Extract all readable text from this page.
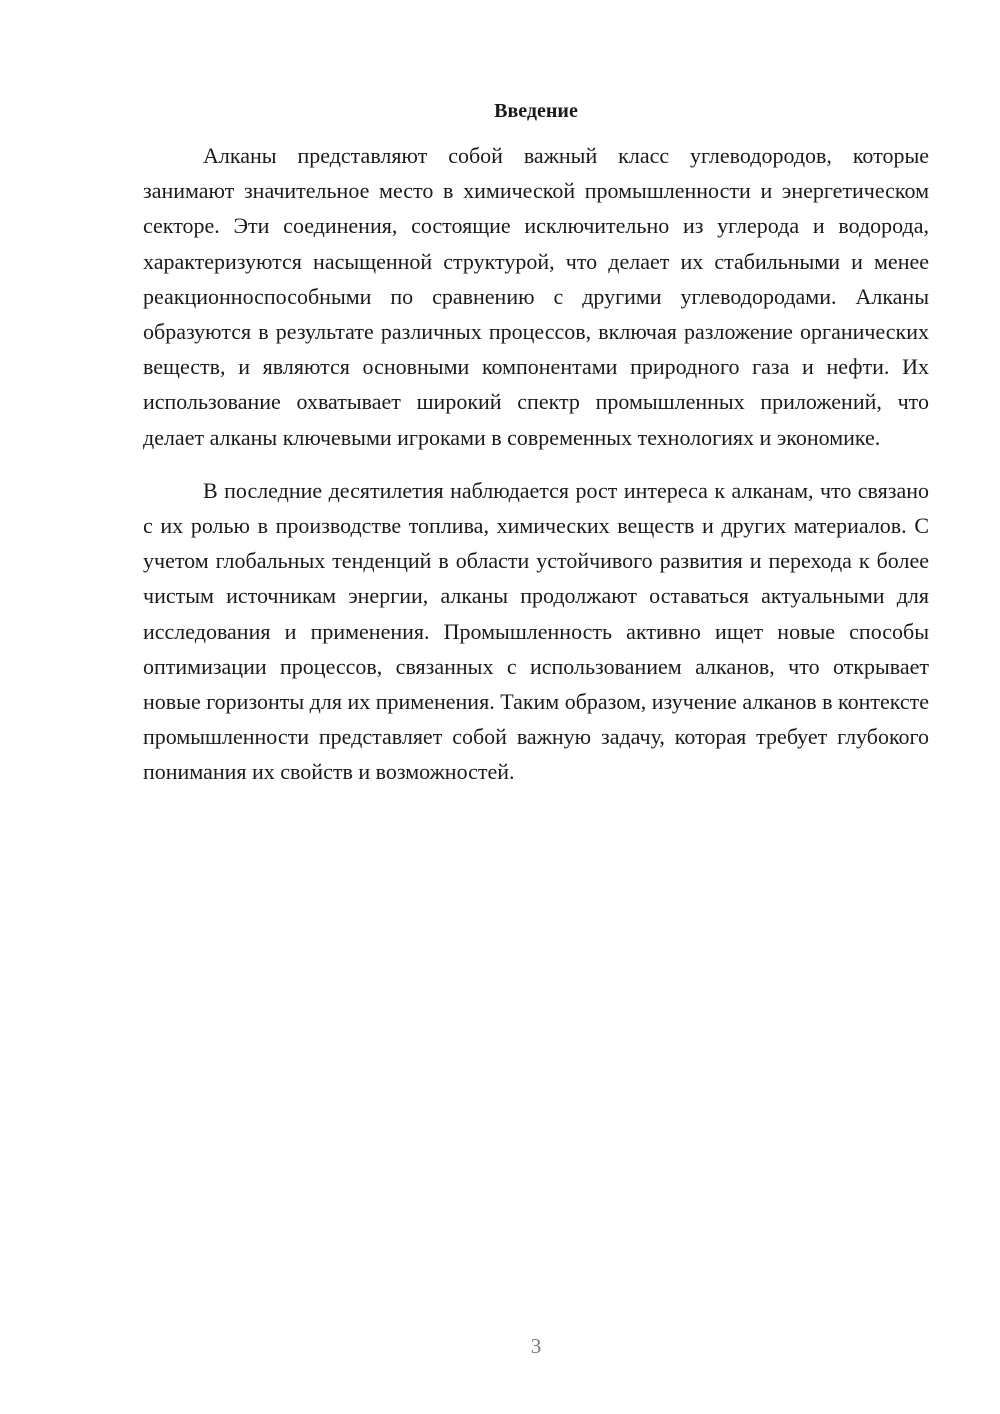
Введение

Алканы представляют собой важный класс углеводородов, которые занимают значительное место в химической промышленности и энергетическом секторе. Эти соединения, состоящие исключительно из углерода и водорода, характеризуются насыщенной структурой, что делает их стабильными и менее реакционноспособными по сравнению с другими углеводородами. Алканы образуются в результате различных процессов, включая разложение органических веществ, и являются основными компонентами природного газа и нефти. Их использование охватывает широкий спектр промышленных приложений, что делает алканы ключевыми игроками в современных технологиях и экономике.

В последние десятилетия наблюдается рост интереса к алканам, что связано с их ролью в производстве топлива, химических веществ и других материалов. С учетом глобальных тенденций в области устойчивого развития и перехода к более чистым источникам энергии, алканы продолжают оставаться актуальными для исследования и применения. Промышленность активно ищет новые способы оптимизации процессов, связанных с использованием алканов, что открывает новые горизонты для их применения. Таким образом, изучение алканов в контексте промышленности представляет собой важную задачу, которая требует глубокого понимания их свойств и возможностей.

3
